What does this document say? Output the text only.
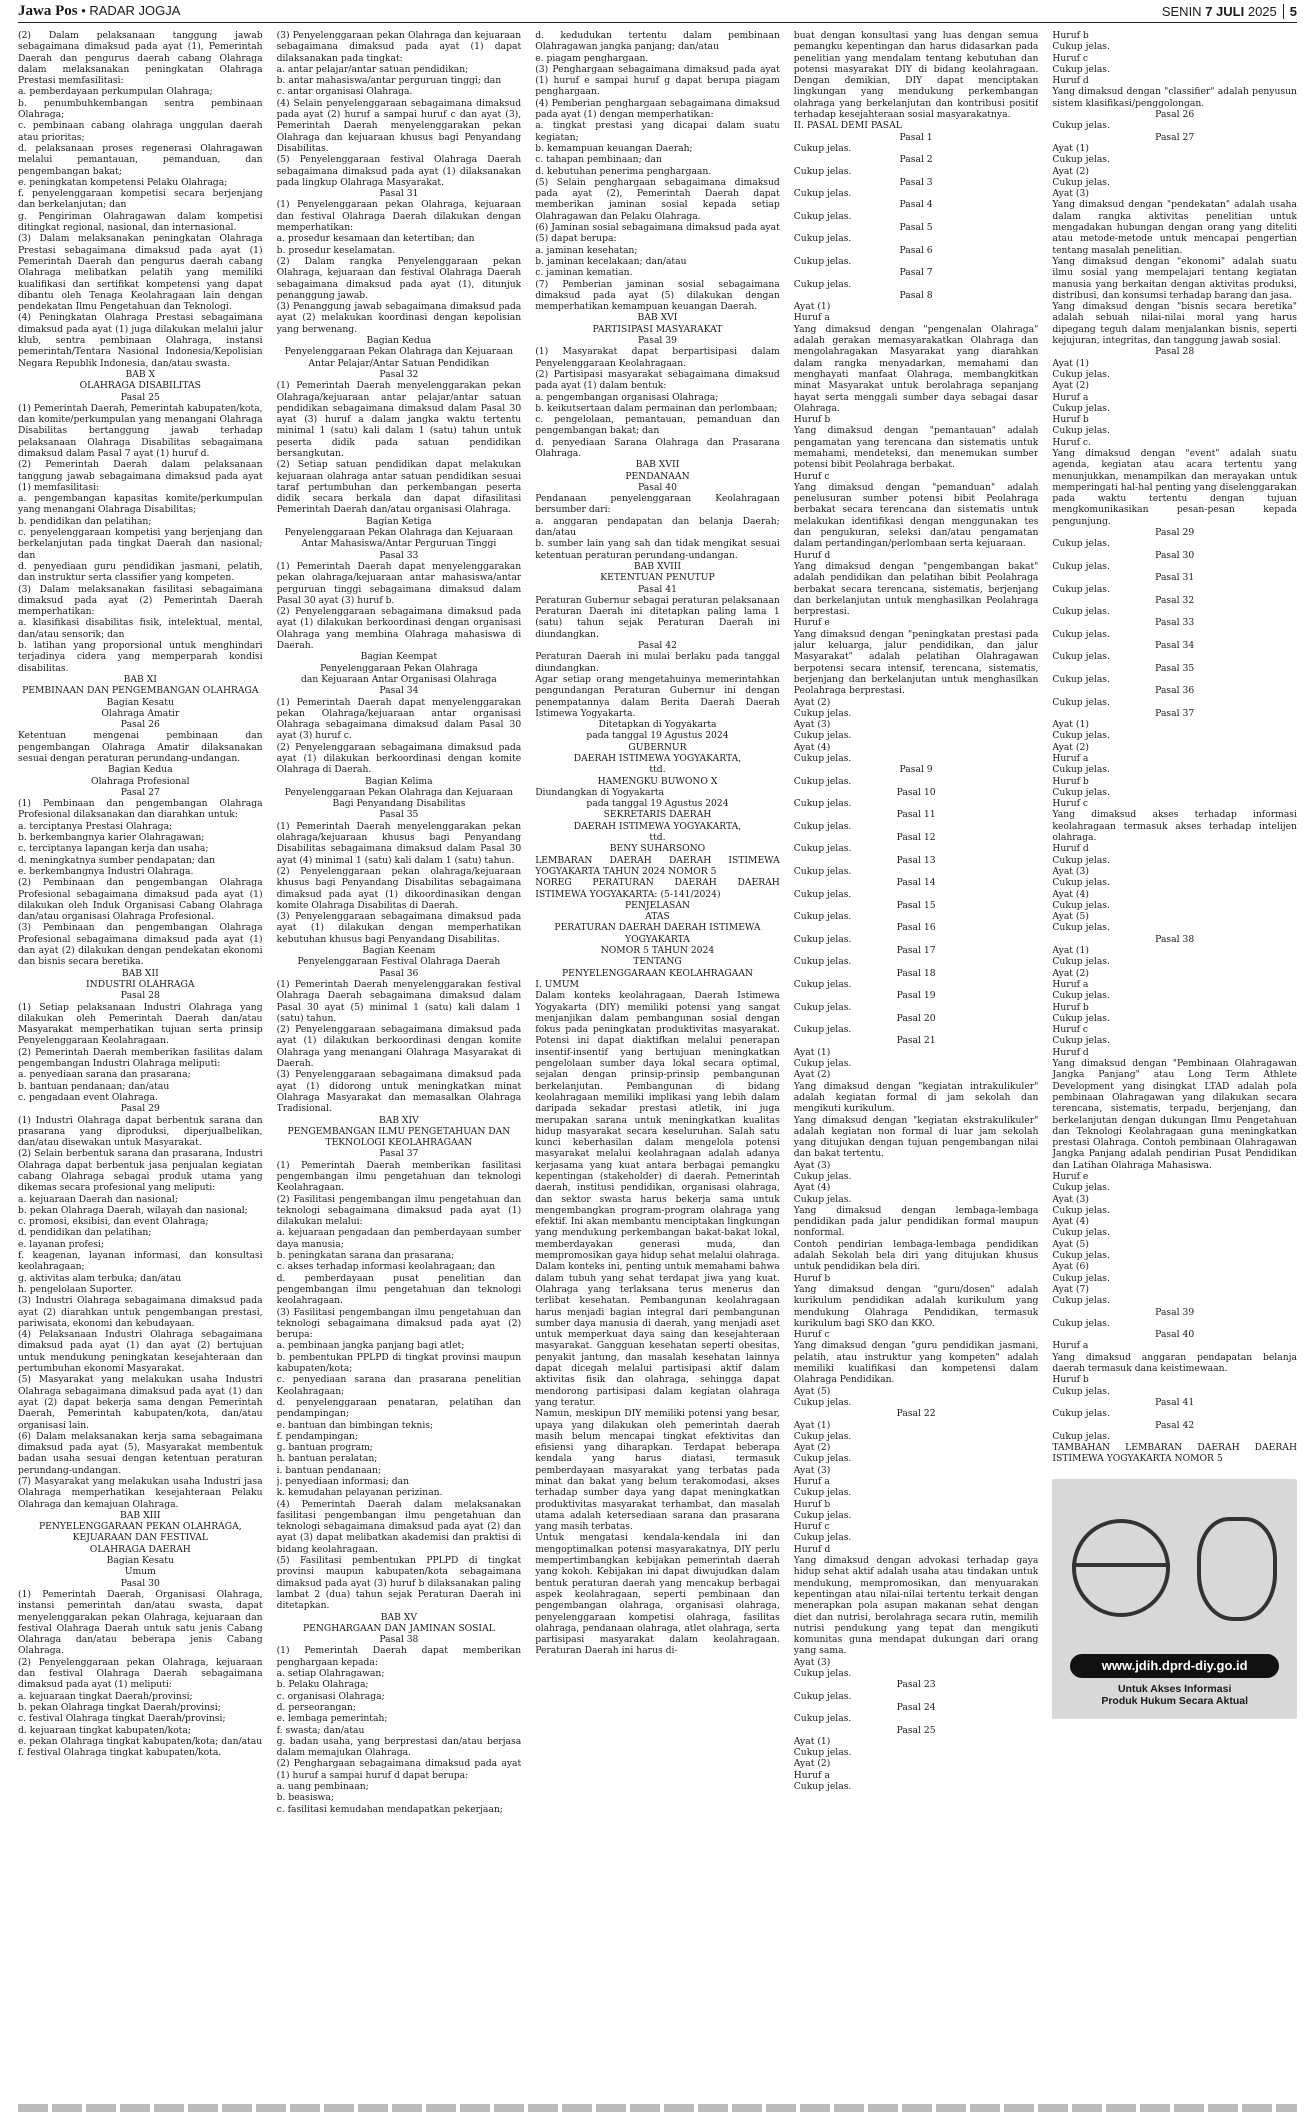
Jawa Pos • RADAR JOGJA	SENIN 7 JULI 2025 5

(2) Dalam pelaksanaan tanggung jawab sebagaimana dimaksud pada ayat (1), Pemerintah Daerah dan pengurus daerah cabang Olahraga dalam melaksanakan peningkatan Olahraga Prestasi memfasilitasi:

a. pemberdayaan perkumpulan Olahraga;

b. penumbuhkembangan sentra pembinaan Olahraga;

c. pembinaan cabang olahraga unggulan daerah atau prioritas;

d. pelaksanaan proses regenerasi Olahragawan melalui pemantauan, pemanduan, dan pengembangan bakat;

e. peningkatan kompetensi Pelaku Olahraga;

f. penyelenggaraan kompetisi secara berjenjang dan berkelanjutan; dan

g. Pengiriman Olahragawan dalam kompetisi ditingkat regional, nasional, dan internasional.

(3) Dalam melaksanakan peningkatan Olahraga Prestasi sebagaimana dimaksud pada ayat (1) Pemerintah Daerah dan pengurus daerah cabang Olahraga melibatkan pelatih yang memiliki kualifikasi dan sertifikat kompetensi yang dapat dibantu oleh Tenaga Keolahragaan lain dengan pendekatan Ilmu Pengetahuan dan Teknologi.

(4) Peningkatan Olahraga Prestasi sebagaimana dimaksud pada ayat (1) juga dilakukan melalui jalur klub, sentra pembinaan Olahraga, instansi pemerintah/Tentara Nasional Indonesia/Kepolisian Negara Republik Indonesia, dan/atau swasta.

BAB X

OLAHRAGA DISABILITAS

Pasal 25

(1) Pemerintah Daerah, Pemerintah kabupaten/kota, dan komite/perkumpulan yang menangani Olahraga Disabilitas bertanggung jawab terhadap pelaksanaan Olahraga Disabilitas sebagaimana dimaksud dalam Pasal 7 ayat (1) huruf d.

(2) Pemerintah Daerah dalam pelaksanaan tanggung jawab sebagaimana dimaksud pada ayat (1) memfasilitasi:

a. pengembangan kapasitas komite/perkumpulan yang menangani Olahraga Disabilitas;

b. pendidikan dan pelatihan;

c. penyelenggaraan kompetisi yang berjenjang dan berkelanjutan pada tingkat Daerah dan nasional; dan

d. penyediaan guru pendidikan jasmani, pelatih, dan instruktur serta classifier yang kompeten.

(3) Dalam melaksanakan fasilitasi sebagaimana dimaksud pada ayat (2) Pemerintah Daerah memperhatikan:

a. klasifikasi disabilitas fisik, intelektual, mental, dan/atau sensorik; dan

b. latihan yang proporsional untuk menghindari terjadinya cidera yang memperparah kondisi disabilitas.

BAB XI

PEMBINAAN DAN PENGEMBANGAN OLAHRAGA

Bagian Kesatu

Olahraga Amatir

Pasal 26

Ketentuan mengenai pembinaan dan pengembangan Olahraga Amatir dilaksanakan sesuai dengan peraturan perundang-undangan.

Bagian Kedua

Olahraga Profesional

Pasal 27

(1) Pembinaan dan pengembangan Olahraga Profesional dilaksanakan dan diarahkan untuk:

a. terciptanya Prestasi Olahraga;

b. berkembangnya karier Olahragawan;

c. terciptanya lapangan kerja dan usaha;

d. meningkatnya sumber pendapatan; dan

e. berkembangnya Industri Olahraga.

(2) Pembinaan dan pengembangan Olahraga Profesional sebagaimana dimaksud pada ayat (1) dilakukan oleh Induk Organisasi Cabang Olahraga dan/atau organisasi Olahraga Profesional.

(3) Pembinaan dan pengembangan Olahraga Profesional sebagaimana dimaksud pada ayat (1) dan ayat (2) dilakukan dengan pendekatan ekonomi dan bisnis secara beretika.

BAB XII

INDUSTRI OLAHRAGA

Pasal 28

(1) Setiap pelaksanaan Industri Olahraga yang dilakukan oleh Pemerintah Daerah dan/atau Masyarakat memperhatikan tujuan serta prinsip Penyelenggaraan Keolahragaan.

(2) Pemerintah Daerah memberikan fasilitas dalam pengembangan Industri Olahraga meliputi:

a. penyediaan sarana dan prasarana;

b. bantuan pendanaan; dan/atau

c. pengadaan event Olahraga.

Pasal 29

(1) Industri Olahraga dapat berbentuk sarana dan prasarana yang diproduksi, diperjualbelikan, dan/atau disewakan untuk Masyarakat.

(2) Selain berbentuk sarana dan prasarana, Industri Olahraga dapat berbentuk jasa penjualan kegiatan cabang Olahraga sebagai produk utama yang dikemas secara profesional yang meliputi:

a. kejuaraan Daerah dan nasional;

b. pekan Olahraga Daerah, wilayah dan nasional;

c. promosi, eksibisi, dan event Olahraga;

d. pendidikan dan pelatihan;

e. layanan profesi;

f. keagenan, layanan informasi, dan konsultasi keolahragaan;

g. aktivitas alam terbuka; dan/atau

h. pengelolaan Suporter.

(3) Industri Olahraga sebagaimana dimaksud pada ayat (2) diarahkan untuk pengembangan prestasi, pariwisata, ekonomi dan kebudayaan.

(4) Pelaksanaan Industri Olahraga sebagaimana dimaksud pada ayat (1) dan ayat (2) bertujuan untuk mendukung peningkatan kesejahteraan dan pertumbuhan ekonomi Masyarakat.

(5) Masyarakat yang melakukan usaha Industri Olahraga sebagaimana dimaksud pada ayat (1) dan ayat (2) dapat bekerja sama dengan Pemerintah Daerah, Pemerintah kabupaten/kota, dan/atau organisasi lain.

(6) Dalam melaksanakan kerja sama sebagaimana dimaksud pada ayat (5), Masyarakat membentuk badan usaha sesuai dengan ketentuan peraturan perundang-undangan.

(7) Masyarakat yang melakukan usaha Industri jasa Olahraga memperhatikan kesejahteraan Pelaku Olahraga dan kemajuan Olahraga.

BAB XIII

PENYELENGGARAAN PEKAN OLAHRAGA, KEJUARAAN DAN FESTIVAL

OLAHRAGA DAERAH

Bagian Kesatu

Umum

Pasal 30

(1) Pemerintah Daerah, Organisasi Olahraga, instansi pemerintah dan/atau swasta, dapat menyelenggarakan pekan Olahraga, kejuaraan dan festival Olahraga Daerah untuk satu jenis Cabang Olahraga dan/atau beberapa jenis Cabang Olahraga.

(2) Penyelenggaraan pekan Olahraga, kejuaraan dan festival Olahraga Daerah sebagaimana dimaksud pada ayat (1) meliputi:

a. kejuaraan tingkat Daerah/provinsi;

b. pekan Olahraga tingkat Daerah/provinsi;

c. festival Olahraga tingkat Daerah/provinsi;

d. kejuaraan tingkat kabupaten/kota;

e. pekan Olahraga tingkat kabupaten/kota; dan/atau

f. festival Olahraga tingkat kabupaten/kota.

(3) Penyelenggaraan pekan Olahraga dan kejuaraan sebagaimana dimaksud pada ayat (1) dapat dilaksanakan pada tingkat:

a. antar pelajar/antar satuan pendidikan;

b. antar mahasiswa/antar perguruan tinggi; dan

c. antar organisasi Olahraga.

(4) Selain penyelenggaraan sebagaimana dimaksud pada ayat (2) huruf a sampai huruf c dan ayat (3), Pemerintah Daerah menyelenggarakan pekan Olahraga dan kejuaraan khusus bagi Penyandang Disabilitas.

(5) Penyelenggaraan festival Olahraga Daerah sebagaimana dimaksud pada ayat (1) dilaksanakan pada lingkup Olahraga Masyarakat.

Pasal 31

(1) Penyelenggaraan pekan Olahraga, kejuaraan dan festival Olahraga Daerah dilakukan dengan memperhatikan:

a. prosedur kesamaan dan ketertiban; dan

b. prosedur keselamatan.

(2) Dalam rangka Penyelenggaraan pekan Olahraga, kejuaraan dan festival Olahraga Daerah sebagaimana dimaksud pada ayat (1), ditunjuk penanggung jawab.

(3) Penanggung jawab sebagaimana dimaksud pada ayat (2) melakukan koordinasi dengan kepolisian yang berwenang.

Bagian Kedua

Penyelenggaraan Pekan Olahraga dan Kejuaraan Antar Pelajar/Antar Satuan Pendidikan

Pasal 32

(1) Pemerintah Daerah menyelenggarakan pekan Olahraga/kejuaraan antar pelajar/antar satuan pendidikan sebagaimana dimaksud dalam Pasal 30 ayat (3) huruf a dalam jangka waktu tertentu minimal 1 (satu) kali dalam 1 (satu) tahun untuk peserta didik pada satuan pendidikan bersangkutan.

(2) Setiap satuan pendidikan dapat melakukan kejuaraan olahraga antar satuan pendidikan sesuai taraf pertumbuhan dan perkembangan peserta didik secara berkala dan dapat difasilitasi Pemerintah Daerah dan/atau organisasi Olahraga.

Bagian Ketiga

Penyelenggaraan Pekan Olahraga dan Kejuaraan Antar Mahasiswa/Antar Perguruan Tinggi

Pasal 33

(1) Pemerintah Daerah dapat menyelenggarakan pekan olahraga/kejuaraan antar mahasiswa/antar perguruan tinggi sebagaimana dimaksud dalam Pasal 30 ayat (3) huruf b.

(2) Penyelenggaraan sebagaimana dimaksud pada ayat (1) dilakukan berkoordinasi dengan organisasi Olahraga yang membina Olahraga mahasiswa di Daerah.

Bagian Keempat

Penyelenggaraan Pekan Olahraga

dan Kejuaraan Antar Organisasi Olahraga

Pasal 34

(1) Pemerintah Daerah dapat menyelenggarakan pekan Olahraga/kejuaraan antar organisasi Olahraga sebagaimana dimaksud dalam Pasal 30 ayat (3) huruf c.

(2) Penyelenggaraan sebagaimana dimaksud pada ayat (1) dilakukan berkoordinasi dengan komite Olahraga di Daerah.

Bagian Kelima

Penyelenggaraan Pekan Olahraga dan Kejuaraan Bagi Penyandang Disabilitas

Pasal 35

(1) Pemerintah Daerah menyelenggarakan pekan olahraga/kejuaraan khusus bagi Penyandang Disabilitas sebagaimana dimaksud dalam Pasal 30 ayat (4) minimal 1 (satu) kali dalam 1 (satu) tahun.

(2) Penyelenggaraan pekan olahraga/kejuaraan khusus bagi Penyandang Disabilitas sebagaimana dimaksud pada ayat (1) dikoordinasikan dengan komite Olahraga Disabilitas di Daerah.

(3) Penyelenggaraan sebagaimana dimaksud pada ayat (1) dilakukan dengan memperhatikan kebutuhan khusus bagi Penyandang Disabilitas.

Bagian Keenam

Penyelenggaraan Festival Olahraga Daerah

Pasal 36

(1) Pemerintah Daerah menyelenggarakan festival Olahraga Daerah sebagaimana dimaksud dalam Pasal 30 ayat (5) minimal 1 (satu) kali dalam 1 (satu) tahun.

(2) Penyelenggaraan sebagaimana dimaksud pada ayat (1) dilakukan berkoordinasi dengan komite Olahraga yang menangani Olahraga Masyarakat di Daerah.

(3) Penyelenggaraan sebagaimana dimaksud pada ayat (1) didorong untuk meningkatkan minat Olahraga Masyarakat dan memasalkan Olahraga Tradisional.

BAB XIV

PENGEMBANGAN ILMU PENGETAHUAN DAN TEKNOLOGI KEOLAHRAGAAN

Pasal 37

(1) Pemerintah Daerah memberikan fasilitasi pengembangan ilmu pengetahuan dan teknologi Keolahragaan.

(2) Fasilitasi pengembangan ilmu pengetahuan dan teknologi sebagaimana dimaksud pada ayat (1) dilakukan melalui:

a. kejuaraan pengadaan dan pemberdayaan sumber daya manusia;

b. peningkatan sarana dan prasarana;

c. akses terhadap informasi keolahragaan; dan

d. pemberdayaan pusat penelitian dan pengembangan ilmu pengetahuan dan teknologi keolahragaan.

(3) Fasilitasi pengembangan ilmu pengetahuan dan teknologi sebagaimana dimaksud pada ayat (2) berupa:

a. pembinaan jangka panjang bagi atlet;

b. pembentukan PPLPD di tingkat provinsi maupun kabupaten/kota;

c. penyediaan sarana dan prasarana penelitian Keolahragaan;

d. penyelenggaraan penataran, pelatihan dan pendampingan;

e. bantuan dan bimbingan teknis;

f. pendampingan;

g. bantuan program;

h. bantuan peralatan;

i. bantuan pendanaan;

j. penyediaan informasi; dan

k. kemudahan pelayanan perizinan.

(4) Pemerintah Daerah dalam melaksanakan fasilitasi pengembangan ilmu pengetahuan dan teknologi sebagaimana dimaksud pada ayat (2) dan ayat (3) dapat melibatkan akademisi dan praktisi di bidang keolahragaan.

(5) Fasilitasi pembentukan PPLPD di tingkat provinsi maupun kabupaten/kota sebagaimana dimaksud pada ayat (3) huruf b dilaksanakan paling lambat 2 (dua) tahun sejak Peraturan Daerah ini ditetapkan.

BAB XV

PENGHARGAAN DAN JAMINAN SOSIAL

Pasal 38

(1) Pemerintah Daerah dapat memberikan penghargaan kepada:

a. setiap Olahragawan;

b. Pelaku Olahraga;

c. organisasi Olahraga;

d. perseorangan;

e. lembaga pemerintah;

f. swasta; dan/atau

g. badan usaha, yang berprestasi dan/atau berjasa dalam memajukan Olahraga.

(2) Penghargaan sebagaimana dimaksud pada ayat (1) huruf a sampai huruf d dapat berupa:

a. uang pembinaan;

b. beasiswa;

c. fasilitasi kemudahan mendapatkan pekerjaan;

d. kedudukan tertentu dalam pembinaan Olahragawan jangka panjang; dan/atau

e. piagam penghargaan.

(3) Penghargaan sebagaimana dimaksud pada ayat (1) huruf e sampai huruf g dapat berupa piagam penghargaan.

(4) Pemberian penghargaan sebagaimana dimaksud pada ayat (1) dengan memperhatikan:

a. tingkat prestasi yang dicapai dalam suatu kegiatan;

b. kemampuan keuangan Daerah;

c. tahapan pembinaan; dan

d. kebutuhan penerima penghargaan.

(5) Selain penghargaan sebagaimana dimaksud pada ayat (2), Pemerintah Daerah dapat memberikan jaminan sosial kepada setiap Olahragawan dan Pelaku Olahraga.

(6) Jaminan sosial sebagaimana dimaksud pada ayat (5) dapat berupa:

a. jaminan kesehatan;

b. jaminan kecelakaan; dan/atau

c. jaminan kematian.

(7) Pemberian jaminan sosial sebagaimana dimaksud pada ayat (5) dilakukan dengan memperhatikan kemampuan keuangan Daerah.

BAB XVI

PARTISIPASI MASYARAKAT

Pasal 39

(1) Masyarakat dapat berpartisipasi dalam Penyelenggaraan Keolahragaan.

(2) Partisipasi masyarakat sebagaimana dimaksud pada ayat (1) dalam bentuk:

a. pengembangan organisasi Olahraga;

b. keikutsertaan dalam permainan dan perlombaan;

c. pengelolaan, pemantauan, pemanduan dan pengembangan bakat; dan

d. penyediaan Sarana Olahraga dan Prasarana Olahraga.

BAB XVII

PENDANAAN

Pasal 40

Pendanaan penyelenggaraan Keolahragaan bersumber dari:

a. anggaran pendapatan dan belanja Daerah; dan/atau

b. sumber lain yang sah dan tidak mengikat sesuai ketentuan peraturan perundang-undangan.

BAB XVIII

KETENTUAN PENUTUP

Pasal 41

Peraturan Gubernur sebagai peraturan pelaksanaan Peraturan Daerah ini ditetapkan paling lama 1 (satu) tahun sejak Peraturan Daerah ini diundangkan.

Pasal 42

Peraturan Daerah ini mulai berlaku pada tanggal diundangkan.

Agar setiap orang mengetahuinya memerintahkan pengundangan Peraturan Gubernur ini dengan penempatannya dalam Berita Daerah Daerah Istimewa Yogyakarta.

Ditetapkan di Yogyakarta

pada tanggal 19 Agustus 2024

GUBERNUR

DAERAH ISTIMEWA YOGYAKARTA,

ttd.

HAMENGKU BUWONO X

Diundangkan di Yogyakarta

pada tanggal 19 Agustus 2024

SEKRETARIS DAERAH

DAERAH ISTIMEWA YOGYAKARTA,

ttd.

BENY SUHARSONO

LEMBARAN DAERAH DAERAH ISTIMEWA YOGYAKARTA TAHUN 2024 NOMOR 5

NOREG PERATURAN DAERAH DAERAH ISTIMEWA YOGYAKARTA: (5-141/2024)

PENJELASAN

ATAS

PERATURAN DAERAH DAERAH ISTIMEWA

YOGYAKARTA

NOMOR 5 TAHUN 2024

TENTANG

PENYELENGGARAAN KEOLAHRAGAAN

I. UMUM

Dalam konteks keolahragaan, Daerah Istimewa Yogyakarta (DIY) memiliki potensi yang sangat menjanjikan dalam pembangunan sosial dengan fokus pada peningkatan produktivitas masyarakat. Potensi ini dapat diaktifkan melalui penerapan insentif-insentif yang bertujuan meningkatkan pengelolaan sumber daya lokal secara optimal, sejalan dengan prinsip-prinsip pembangunan berkelanjutan. Pembangunan di bidang keolahragaan memiliki implikasi yang lebih dalam daripada sekadar prestasi atletik, ini juga merupakan sarana untuk meningkatkan kualitas hidup masyarakat secara keseluruhan. Salah satu kunci keberhasilan dalam mengelola potensi masyarakat melalui keolahragaan adalah adanya kerjasama yang kuat antara berbagai pemangku kepentingan (stakeholder) di daerah. Pemerintah daerah, institusi pendidikan, organisasi olahraga, dan sektor swasta harus bekerja sama untuk mengembangkan program-program olahraga yang efektif. Ini akan membantu menciptakan lingkungan yang mendukung perkembangan bakat-bakat lokal, memberdayakan generasi muda, dan mempromosikan gaya hidup sehat melalui olahraga.

Dalam konteks ini, penting untuk memahami bahwa dalam tubuh yang sehat terdapat jiwa yang kuat. Olahraga yang terlaksana terus menerus dan terlibat kesehatan. Pembangunan keolahragaan harus menjadi bagian integral dari pembangunan sumber daya manusia di daerah, yang menjadi aset untuk memperkuat daya saing dan kesejahteraan masyarakat. Gangguan kesehatan seperti obesitas, penyakit jantung, dan masalah kesehatan lainnya dapat dicegah melalui partisipasi aktif dalam aktivitas fisik dan olahraga, sehingga dapat mendorong partisipasi dalam kegiatan olahraga yang teratur.

Namun, meskipun DIY memiliki potensi yang besar, upaya yang dilakukan oleh pemerintah daerah masih belum mencapai tingkat efektivitas dan efisiensi yang diharapkan. Terdapat beberapa kendala yang harus diatasi, termasuk pemberdayaan masyarakat yang terbatas pada minat dan bakat yang belum terakomodasi, akses terhadap sumber daya yang dapat meningkatkan produktivitas masyarakat terhambat, dan masalah utama adalah ketersediaan sarana dan prasarana yang masih terbatas.

Untuk mengatasi kendala-kendala ini dan mengoptimalkan potensi masyarakatnya, DIY perlu mempertimbangkan kebijakan pemerintah daerah yang kokoh. Kebijakan ini dapat diwujudkan dalam bentuk peraturan daerah yang mencakup berbagai aspek keolahragaan, seperti pembinaan dan pengembangan olahraga, organisasi olahraga, penyelenggaraan kompetisi olahraga, fasilitas olahraga, pendanaan olahraga, atlet olahraga, serta partisipasi masyarakat dalam keolahragaan. Peraturan Daerah ini harus di-

buat dengan konsultasi yang luas dengan semua pemangku kepentingan dan harus didasarkan pada penelitian yang mendalam tentang kebutuhan dan potensi masyarakat DIY di bidang keolahragaan. Dengan demikian, DIY dapat menciptakan lingkungan yang mendukung perkembangan olahraga yang berkelanjutan dan kontribusi positif terhadap kesejahteraan sosial masyarakatnya.

II. PASAL DEMI PASAL

Pasal 1

Cukup jelas.

Pasal 2

Cukup jelas.

Pasal 3

Cukup jelas.

Pasal 4

Cukup jelas.

Pasal 5

Cukup jelas.

Pasal 6

Cukup jelas.

Pasal 7

Cukup jelas.

Pasal 8

Ayat (1)

Huruf a

Yang dimaksud dengan "pengenalan Olahraga" adalah gerakan memasyarakatkan Olahraga dan mengolahragakan Masyarakat yang diarahkan dalam rangka menyadarkan, memahami dan menghayati manfaat Olahraga, membangkitkan minat Masyarakat untuk berolahraga sepanjang hayat serta menggali sumber daya sebagai dasar Olahraga.

Huruf b

Yang dimaksud dengan "pemantauan" adalah pengamatan yang terencana dan sistematis untuk memahami, mendeteksi, dan menemukan sumber potensi bibit Peolahraga berbakat.

Huruf c

Yang dimaksud dengan "pemanduan" adalah penelusuran sumber potensi bibit Peolahraga berbakat secara terencana dan sistematis untuk melakukan identifikasi dengan menggunakan tes dan pengukuran, seleksi dan/atau pengamatan dalam pertandingan/perlombaan serta kejuaraan.

Huruf d

Yang dimaksud dengan "pengembangan bakat" adalah pendidikan dan pelatihan bibit Peolahraga berbakat secara terencana, sistematis, berjenjang dan berkelanjutan untuk menghasilkan Peolahraga berprestasi.

Huruf e

Yang dimaksud dengan "peningkatan prestasi pada jalur keluarga, jalur pendidikan, dan jalur Masyarakat" adalah pelatihan Olahragawan berpotensi secara intensif, terencana, sistematis, berjenjang dan berkelanjutan untuk menghasilkan Peolahraga berprestasi.

Ayat (2)

Cukup jelas.

Ayat (3)

Cukup jelas.

Ayat (4)

Cukup jelas.

Pasal 9

Cukup jelas.

Pasal 10

Cukup jelas.

Pasal 11

Cukup jelas.

Pasal 12

Cukup jelas.

Pasal 13

Cukup jelas.

Pasal 14

Cukup jelas.

Pasal 15

Cukup jelas.

Pasal 16

Cukup jelas.

Pasal 17

Cukup jelas.

Pasal 18

Cukup jelas.

Pasal 19

Cukup jelas.

Pasal 20

Cukup jelas.

Pasal 21

Ayat (1)

Cukup jelas.

Ayat (2)

Yang dimaksud dengan "kegiatan intrakulikuler" adalah kegiatan formal di jam sekolah dan mengikuti kurikulum.

Yang dimaksud dengan "kegiatan ekstrakulikuler" adalah kegiatan non formal di luar jam sekolah yang ditujukan dengan tujuan pengembangan nilai dan bakat tertentu.

Ayat (3)

Cukup jelas.

Ayat (4)

Cukup jelas.

Yang dimaksud dengan lembaga-lembaga pendidikan pada jalur pendidikan formal maupun nonformal.

Contoh pendirian lembaga-lembaga pendidikan adalah Sekolah bela diri yang ditujukan khusus untuk pendidikan bela diri.

Huruf b

Yang dimaksud dengan "guru/dosen" adalah kurikulum pendidikan adalah kurikulum yang mendukung Olahraga Pendidikan, termasuk kurikulum bagi SKO dan KKO.

Huruf c

Yang dimaksud dengan "guru pendidikan jasmani, pelatih, atau instruktur yang kompeten" adalah memiliki kualifikasi dan kompetensi dalam Olahraga Pendidikan.

Ayat (5)

Cukup jelas.

Pasal 22

Ayat (1)

Cukup jelas.

Ayat (2)

Cukup jelas.

Ayat (3)

Huruf a

Cukup jelas.

Huruf b

Cukup jelas.

Huruf c

Cukup jelas.

Huruf d

Yang dimaksud dengan advokasi terhadap gaya hidup sehat aktif adalah usaha atau tindakan untuk mendukung, mempromosikan, dan menyuarakan kepentingan atau nilai-nilai tertentu terkait dengan menerapkan pola asupan makanan sehat dengan diet dan nutrisi, berolahraga secara rutin, memilih nutrisi pendukung yang tepat dan mengikuti komunitas guna mendapat dukungan dari orang yang sama.

Ayat (3)

Cukup jelas.

Pasal 23

Cukup jelas.

Pasal 24

Cukup jelas.

Pasal 25

Ayat (1)

Cukup jelas.

Ayat (2)

Huruf a

Cukup jelas.

Huruf b

Cukup jelas.

Huruf c

Cukup jelas.

Huruf d

Yang dimaksud dengan "classifier" adalah penyusun sistem klasifikasi/penggolongan.

Pasal 26

Cukup jelas.

Pasal 27

Ayat (1)

Cukup jelas.

Ayat (2)

Cukup jelas.

Ayat (3)

Yang dimaksud dengan "pendekatan" adalah usaha dalam rangka aktivitas penelitian untuk mengadakan hubungan dengan orang yang diteliti atau metode-metode untuk mencapai pengertian tentang masalah penelitian.

Yang dimaksud dengan "ekonomi" adalah suatu ilmu sosial yang mempelajari tentang kegiatan manusia yang berkaitan dengan aktivitas produksi, distribusi, dan konsumsi terhadap barang dan jasa.

Yang dimaksud dengan "bisnis secara beretika" adalah sebuah nilai-nilai moral yang harus dipegang teguh dalam menjalankan bisnis, seperti kejujuran, integritas, dan tanggung jawab sosial.

Pasal 28

Ayat (1)

Cukup jelas.

Ayat (2)

Huruf a

Cukup jelas.

Huruf b

Cukup jelas.

Huruf c.

Yang dimaksud dengan "event" adalah suatu agenda, kegiatan atau acara tertentu yang menunjukkan, menampilkan dan merayakan untuk memperingati hal-hal penting yang diselenggarakan pada waktu tertentu dengan tujuan mengkomunikasikan pesan-pesan kepada pengunjung.

Pasal 29

Cukup jelas.

Pasal 30

Cukup jelas.

Pasal 31

Cukup jelas.

Pasal 32

Cukup jelas.

Pasal 33

Cukup jelas.

Pasal 34

Cukup jelas.

Pasal 35

Cukup jelas.

Pasal 36

Cukup jelas.

Pasal 37

Ayat (1)

Cukup jelas.

Ayat (2)

Huruf a

Cukup jelas.

Huruf b

Cukup jelas.

Huruf c

Yang dimaksud akses terhadap informasi keolahragaan termasuk akses terhadap intelijen olahraga.

Huruf d

Cukup jelas.

Ayat (3)

Cukup jelas.

Ayat (4)

Cukup jelas.

Ayat (5)

Cukup jelas.

Pasal 38

Ayat (1)

Cukup jelas.

Ayat (2)

Huruf a

Cukup jelas.

Huruf b

Cukup jelas.

Huruf c

Cukup jelas.

Huruf d

Yang dimaksud dengan "Pembinaan Olahragawan Jangka Panjang" atau Long Term Athlete Development yang disingkat LTAD adalah pola pembinaan Olahragawan yang dilakukan secara terencana, sistematis, terpadu, berjenjang, dan berkelanjutan dengan dukungan Ilmu Pengetahuan dan Teknologi Keolahragaan guna meningkatkan prestasi Olahraga. Contoh pembinaan Olahragawan Jangka Panjang adalah pendirian Pusat Pendidikan dan Latihan Olahraga Mahasiswa.

Huruf e

Cukup jelas.

Ayat (3)

Cukup jelas.

Ayat (4)

Cukup jelas.

Ayat (5)

Cukup jelas.

Ayat (6)

Cukup jelas.

Ayat (7)

Cukup jelas.

Pasal 39

Cukup jelas.

Pasal 40

Huruf a

Yang dimaksud anggaran pendapatan belanja daerah termasuk dana keistimewaan.

Huruf b

Cukup jelas.

Pasal 41

Cukup jelas.

Pasal 42

Cukup jelas.

TAMBAHAN LEMBARAN DAERAH DAERAH ISTIMEWA YOGYAKARTA NOMOR 5

www.jdih.dprd-diy.go.id
Untuk Akses Informasi
Produk Hukum Secara Aktual
